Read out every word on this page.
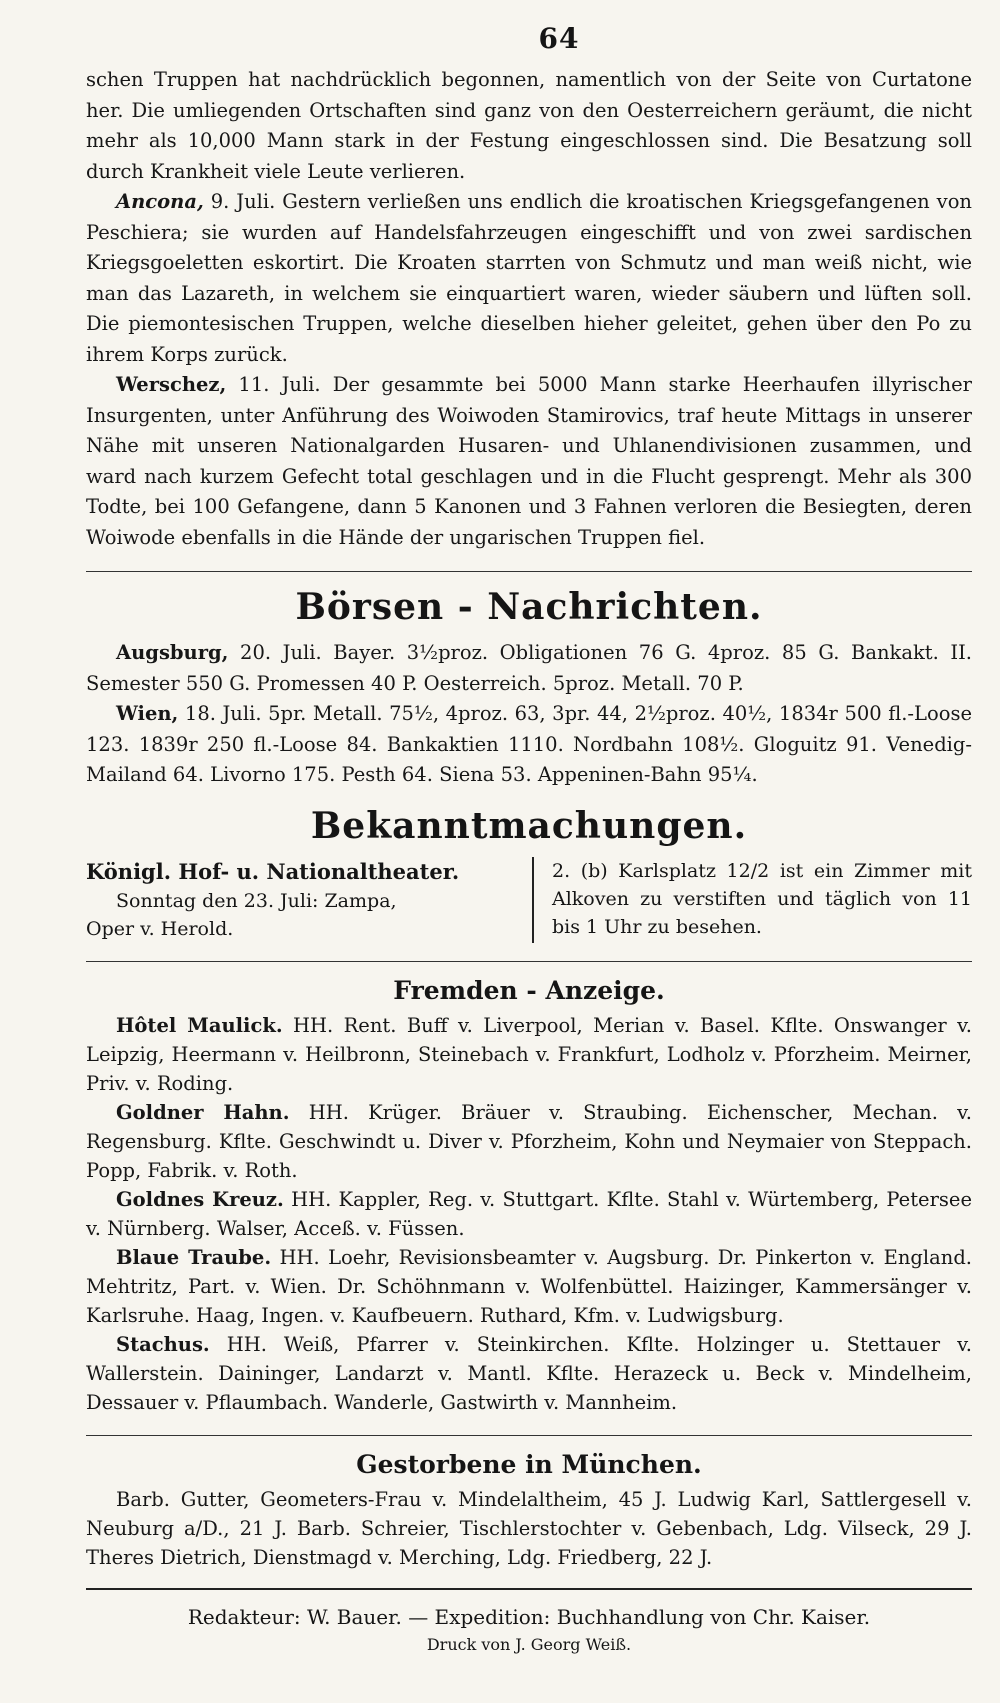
64

schen Truppen hat nachdrücklich begonnen, namentlich von der Seite von Curtatone her. Die umliegenden Ortschaften sind ganz von den Oesterreichern geräumt, die nicht mehr als 10,000 Mann stark in der Festung eingeschlossen sind. Die Besatzung soll durch Krankheit viele Leute verlieren.

Ancona, 9. Juli. Gestern verließen uns endlich die kroatischen Kriegsgefangenen von Peschiera; sie wurden auf Handelsfahrzeugen eingeschifft und von zwei sardischen Kriegsgoeletten eskortirt. Die Kroaten starrten von Schmutz und man weiß nicht, wie man das Lazareth, in welchem sie einquartiert waren, wieder säubern und lüften soll. Die piemontesischen Truppen, welche dieselben hieher geleitet, gehen über den Po zu ihrem Korps zurück.

Werschez, 11. Juli. Der gesammte bei 5000 Mann starke Heerhaufen illyrischer Insurgenten, unter Anführung des Woiwoden Stamirovics, traf heute Mittags in unserer Nähe mit unseren Nationalgarden Husaren- und Uhlanendivisionen zusammen, und ward nach kurzem Gefecht total geschlagen und in die Flucht gesprengt. Mehr als 300 Todte, bei 100 Gefangene, dann 5 Kanonen und 3 Fahnen verloren die Besiegten, deren Woiwode ebenfalls in die Hände der ungarischen Truppen fiel.

Börsen - Nachrichten.

Augsburg, 20. Juli. Bayer. 3½proz. Obligationen 76 G. 4proz. 85 G. Bankakt. II. Semester 550 G. Promessen 40 P. Oesterreich. 5proz. Metall. 70 P.

Wien, 18. Juli. 5pr. Metall. 75½, 4proz. 63, 3pr. 44, 2½proz. 40½, 1834r 500 fl.-Loose 123. 1839r 250 fl.-Loose 84. Bankaktien 1110. Nordbahn 108½. Gloguitz 91. Venedig-Mailand 64. Livorno 175. Pesth 64. Siena 53. Appeninen-Bahn 95¼.

Bekanntmachungen.
Königl. Hof- u. Nationaltheater.
Sonntag den 23. Juli: Zampa,
Oper v. Herold.
2. (b) Karlsplatz 12/2 ist ein Zimmer mit Alkoven zu verstiften und täglich von 11 bis 1 Uhr zu besehen.
Fremden - Anzeige.

Hôtel Maulick. HH. Rent. Buff v. Liverpool, Merian v. Basel. Kflte. Onswanger v. Leipzig, Heermann v. Heilbronn, Steinebach v. Frankfurt, Lodholz v. Pforzheim. Meirner, Priv. v. Roding.

Goldner Hahn. HH. Krüger. Bräuer v. Straubing. Eichenscher, Mechan. v. Regensburg. Kflte. Geschwindt u. Diver v. Pforzheim, Kohn und Neymaier von Steppach. Popp, Fabrik. v. Roth.

Goldnes Kreuz. HH. Kappler, Reg. v. Stuttgart. Kflte. Stahl v. Würtemberg, Petersee v. Nürnberg. Walser, Acceß. v. Füssen.

Blaue Traube. HH. Loehr, Revisionsbeamter v. Augsburg. Dr. Pinkerton v. England. Mehtritz, Part. v. Wien. Dr. Schöhnmann v. Wolfenbüttel. Haizinger, Kammersänger v. Karlsruhe. Haag, Ingen. v. Kaufbeuern. Ruthard, Kfm. v. Ludwigsburg.

Stachus. HH. Weiß, Pfarrer v. Steinkirchen. Kflte. Holzinger u. Stettauer v. Wallerstein. Daininger, Landarzt v. Mantl. Kflte. Herazeck u. Beck v. Mindelheim, Dessauer v. Pflaumbach. Wanderle, Gastwirth v. Mannheim.

Gestorbene in München.

Barb. Gutter, Geometers-Frau v. Mindelaltheim, 45 J. Ludwig Karl, Sattlergesell v. Neuburg a/D., 21 J. Barb. Schreier, Tischlerstochter v. Gebenbach, Ldg. Vilseck, 29 J. Theres Dietrich, Dienstmagd v. Merching, Ldg. Friedberg, 22 J.

Redakteur: W. Bauer. — Expedition: Buchhandlung von Chr. Kaiser.
Druck von J. Georg Weiß.
